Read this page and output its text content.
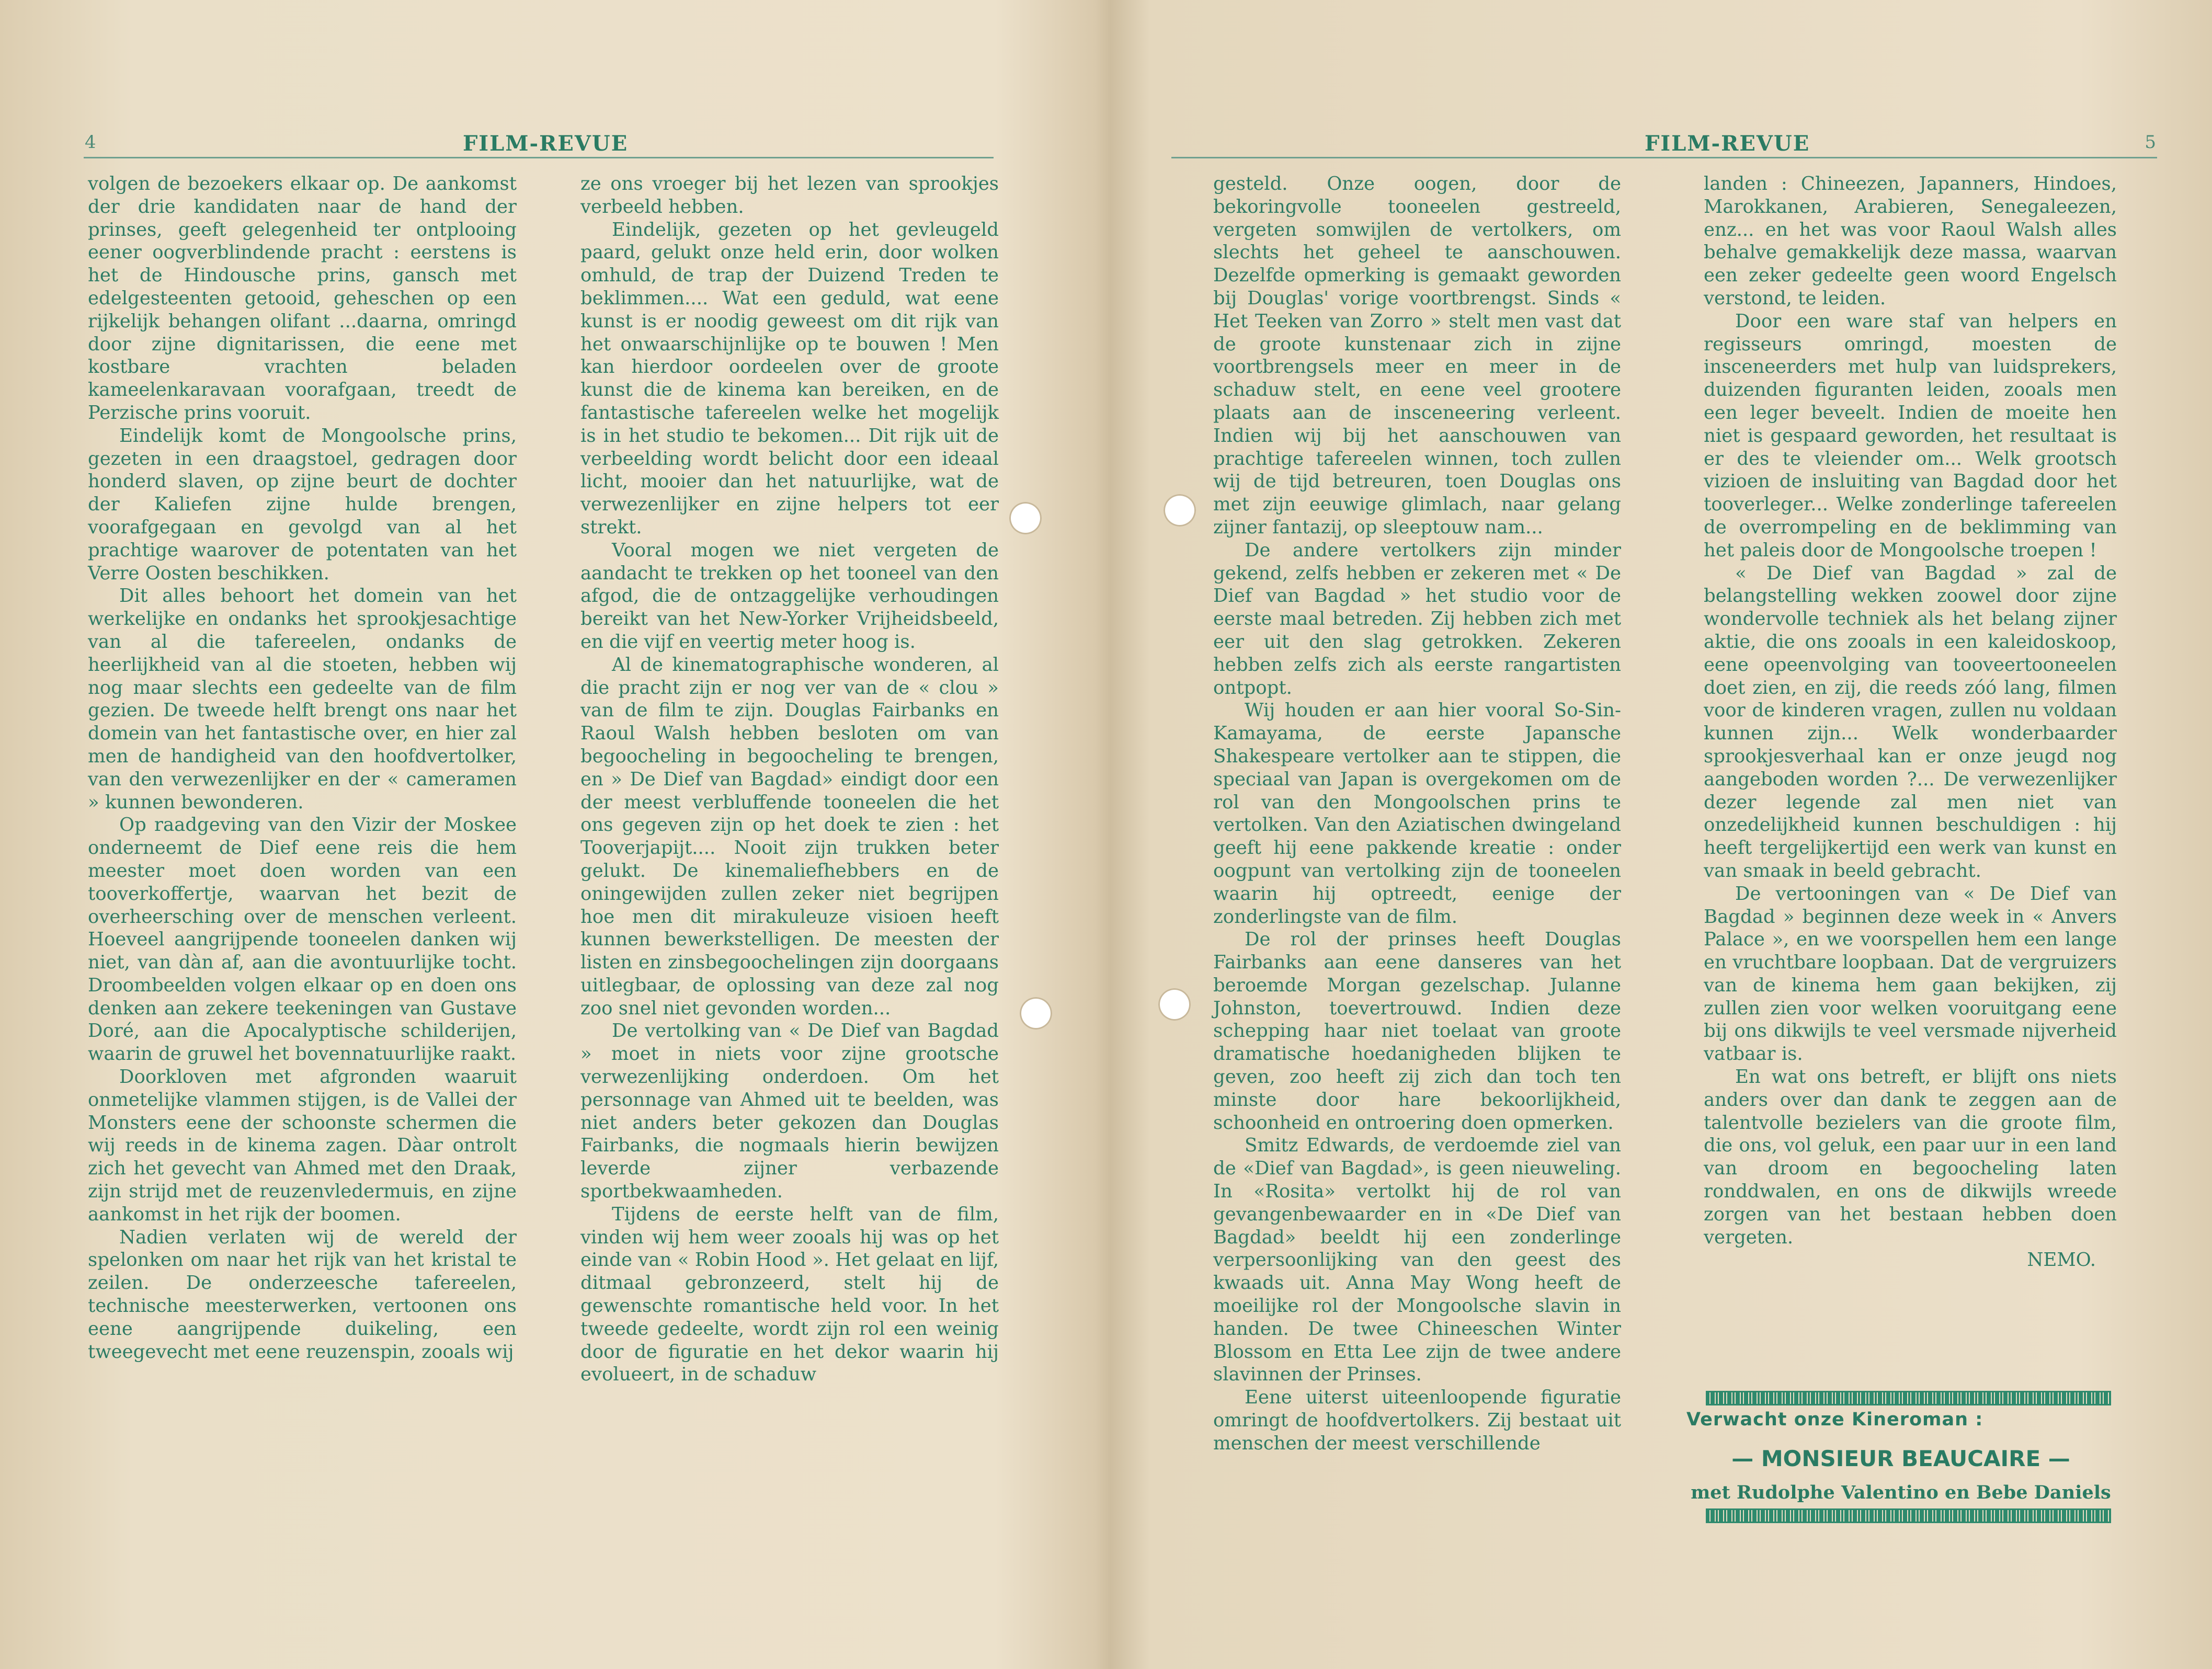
4	FILM-REVUE

volgen de bezoekers elkaar op. De aankomst der drie kandidaten naar de hand der prinses, geeft gelegenheid ter ontplooing eener oogverblindende pracht : eerstens is het de Hindousche prins, gansch met edelgesteenten getooid, geheschen op een rijkelijk behangen olifant ...daarna, omringd door zijne dignitarissen, die eene met kostbare vrachten beladen kameelenkaravaan voorafgaan, treedt de Perzische prins vooruit.

Eindelijk komt de Mongoolsche prins, gezeten in een draagstoel, gedragen door honderd slaven, op zijne beurt de dochter der Kaliefen zijne hulde brengen, voorafgegaan en gevolgd van al het prachtige waarover de potentaten van het Verre Oosten beschikken.

Dit alles behoort het domein van het werkelijke en ondanks het sprookjesachtige van al die tafereelen, ondanks de heerlijkheid van al die stoeten, hebben wij nog maar slechts een gedeelte van de film gezien. De tweede helft brengt ons naar het domein van het fantastische over, en hier zal men de handigheid van den hoofdvertolker, van den verwezenlijker en der « cameramen » kunnen bewonderen.

Op raadgeving van den Vizir der Moskee onderneemt de Dief eene reis die hem meester moet doen worden van een tooverkoffertje, waarvan het bezit de overheersching over de menschen verleent. Hoeveel aangrijpende tooneelen danken wij niet, van dàn af, aan die avontuurlijke tocht. Droombeelden volgen elkaar op en doen ons denken aan zekere teekeningen van Gustave Doré, aan die Apocalyptische schilderijen, waarin de gruwel het bovennatuurlijke raakt.

Doorkloven met afgronden waaruit onmetelijke vlammen stijgen, is de Vallei der Monsters eene der schoonste schermen die wij reeds in de kinema zagen. Dàar ontrolt zich het gevecht van Ahmed met den Draak, zijn strijd met de reuzenvledermuis, en zijne aankomst in het rijk der boomen.

Nadien verlaten wij de wereld der spelonken om naar het rijk van het kristal te zeilen. De onderzeesche tafereelen, technische meesterwerken, vertoonen ons eene aangrijpende duikeling, een tweegevecht met eene reuzenspin, zooals wij

ze ons vroeger bij het lezen van sprookjes verbeeld hebben.

Eindelijk, gezeten op het gevleugeld paard, gelukt onze held erin, door wolken omhuld, de trap der Duizend Treden te beklimmen.... Wat een geduld, wat eene kunst is er noodig geweest om dit rijk van het onwaarschijnlijke op te bouwen ! Men kan hierdoor oordeelen over de groote kunst die de kinema kan bereiken, en de fantastische tafereelen welke het mogelijk is in het studio te bekomen... Dit rijk uit de verbeelding wordt belicht door een ideaal licht, mooier dan het natuurlijke, wat de verwezenlijker en zijne helpers tot eer strekt.

Vooral mogen we niet vergeten de aandacht te trekken op het tooneel van den afgod, die de ontzaggelijke verhoudingen bereikt van het New-Yorker Vrijheidsbeeld, en die vijf en veertig meter hoog is.

Al de kinematographische wonderen, al die pracht zijn er nog ver van de « clou » van de film te zijn. Douglas Fairbanks en Raoul Walsh hebben besloten om van begoocheling in begoocheling te brengen, en » De Dief van Bagdad» eindigt door een der meest verbluffende tooneelen die het ons gegeven zijn op het doek te zien : het Tooverjapijt.... Nooit zijn trukken beter gelukt. De kinemaliefhebbers en de oningewijden zullen zeker niet begrijpen hoe men dit mirakuleuze visioen heeft kunnen bewerkstelligen. De meesten der listen en zinsbegoochelingen zijn doorgaans uitlegbaar, de oplossing van deze zal nog zoo snel niet gevonden worden...

De vertolking van « De Dief van Bagdad » moet in niets voor zijne grootsche verwezenlijking onderdoen. Om het personnage van Ahmed uit te beelden, was niet anders beter gekozen dan Douglas Fairbanks, die nogmaals hierin bewijzen leverde zijner verbazende sportbekwaamheden.

Tijdens de eerste helft van de film, vinden wij hem weer zooals hij was op het einde van « Robin Hood ». Het gelaat en lijf, ditmaal gebronzeerd, stelt hij de gewenschte romantische held voor. In het tweede gedeelte, wordt zijn rol een weinig door de figuratie en het dekor waarin hij evolueert, in de schaduw

FILM-REVUE	5

gesteld. Onze oogen, door de bekoringvolle tooneelen gestreeld, vergeten somwijlen de vertolkers, om slechts het geheel te aanschouwen. Dezelfde opmerking is gemaakt geworden bij Douglas' vorige voortbrengst. Sinds « Het Teeken van Zorro » stelt men vast dat de groote kunstenaar zich in zijne voortbrengsels meer en meer in de schaduw stelt, en eene veel grootere plaats aan de insceneering verleent. Indien wij bij het aanschouwen van prachtige tafereelen winnen, toch zullen wij de tijd betreuren, toen Douglas ons met zijn eeuwige glimlach, naar gelang zijner fantazij, op sleeptouw nam...

De andere vertolkers zijn minder gekend, zelfs hebben er zekeren met « De Dief van Bagdad » het studio voor de eerste maal betreden. Zij hebben zich met eer uit den slag getrokken. Zekeren hebben zelfs zich als eerste rangartisten ontpopt.

Wij houden er aan hier vooral So-Sin-Kamayama, de eerste Japansche Shakespeare vertolker aan te stippen, die speciaal van Japan is overgekomen om de rol van den Mongoolschen prins te vertolken. Van den Aziatischen dwingeland geeft hij eene pakkende kreatie : onder oogpunt van vertolking zijn de tooneelen waarin hij optreedt, eenige der zonderlingste van de film.

De rol der prinses heeft Douglas Fairbanks aan eene danseres van het beroemde Morgan gezelschap. Julanne Johnston, toevertrouwd. Indien deze schepping haar niet toelaat van groote dramatische hoedanigheden blijken te geven, zoo heeft zij zich dan toch ten minste door hare bekoorlijkheid, schoonheid en ontroering doen opmerken.

Smitz Edwards, de verdoemde ziel van de «Dief van Bagdad», is geen nieuweling. In «Rosita» vertolkt hij de rol van gevangenbewaarder en in «De Dief van Bagdad» beeldt hij een zonderlinge verpersoonlijking van den geest des kwaads uit. Anna May Wong heeft de moeilijke rol der Mongoolsche slavin in handen. De twee Chineeschen Winter Blossom en Etta Lee zijn de twee andere slavinnen der Prinses.

Eene uiterst uiteenloopende figuratie omringt de hoofdvertolkers. Zij bestaat uit menschen der meest verschillende

landen : Chineezen, Japanners, Hindoes, Marokkanen, Arabieren, Senegaleezen, enz... en het was voor Raoul Walsh alles behalve gemakkelijk deze massa, waarvan een zeker gedeelte geen woord Engelsch verstond, te leiden.

Door een ware staf van helpers en regisseurs omringd, moesten de insceneerders met hulp van luidsprekers, duizenden figuranten leiden, zooals men een leger beveelt. Indien de moeite hen niet is gespaard geworden, het resultaat is er des te vleiender om... Welk grootsch vizioen de insluiting van Bagdad door het tooverleger... Welke zonderlinge tafereelen de overrompeling en de beklimming van het paleis door de Mongoolsche troepen !

« De Dief van Bagdad » zal de belangstelling wekken zoowel door zijne wondervolle techniek als het belang zijner aktie, die ons zooals in een kaleidoskoop, eene opeenvolging van tooveertooneelen doet zien, en zij, die reeds zóó lang, filmen voor de kinderen vragen, zullen nu voldaan kunnen zijn... Welk wonderbaarder sprookjesverhaal kan er onze jeugd nog aangeboden worden ?... De verwezenlijker dezer legende zal men niet van onzedelijkheid kunnen beschuldigen : hij heeft tergelijkertijd een werk van kunst en van smaak in beeld gebracht.

De vertooningen van « De Dief van Bagdad » beginnen deze week in « Anvers Palace », en we voorspellen hem een lange en vruchtbare loopbaan. Dat de vergruizers van de kinema hem gaan bekijken, zij zullen zien voor welken vooruitgang eene bij ons dikwijls te veel versmade nijverheid vatbaar is.

En wat ons betreft, er blijft ons niets anders over dan dank te zeggen aan de talentvolle bezielers van die groote film, die ons, vol geluk, een paar uur in een land van droom en begoocheling laten ronddwalen, en ons de dikwijls wreede zorgen van het bestaan hebben doen vergeten.

NEMO.

Verwacht onze Kineroman :
— MONSIEUR BEAUCAIRE —
met Rudolphe Valentino en Bebe Daniels
